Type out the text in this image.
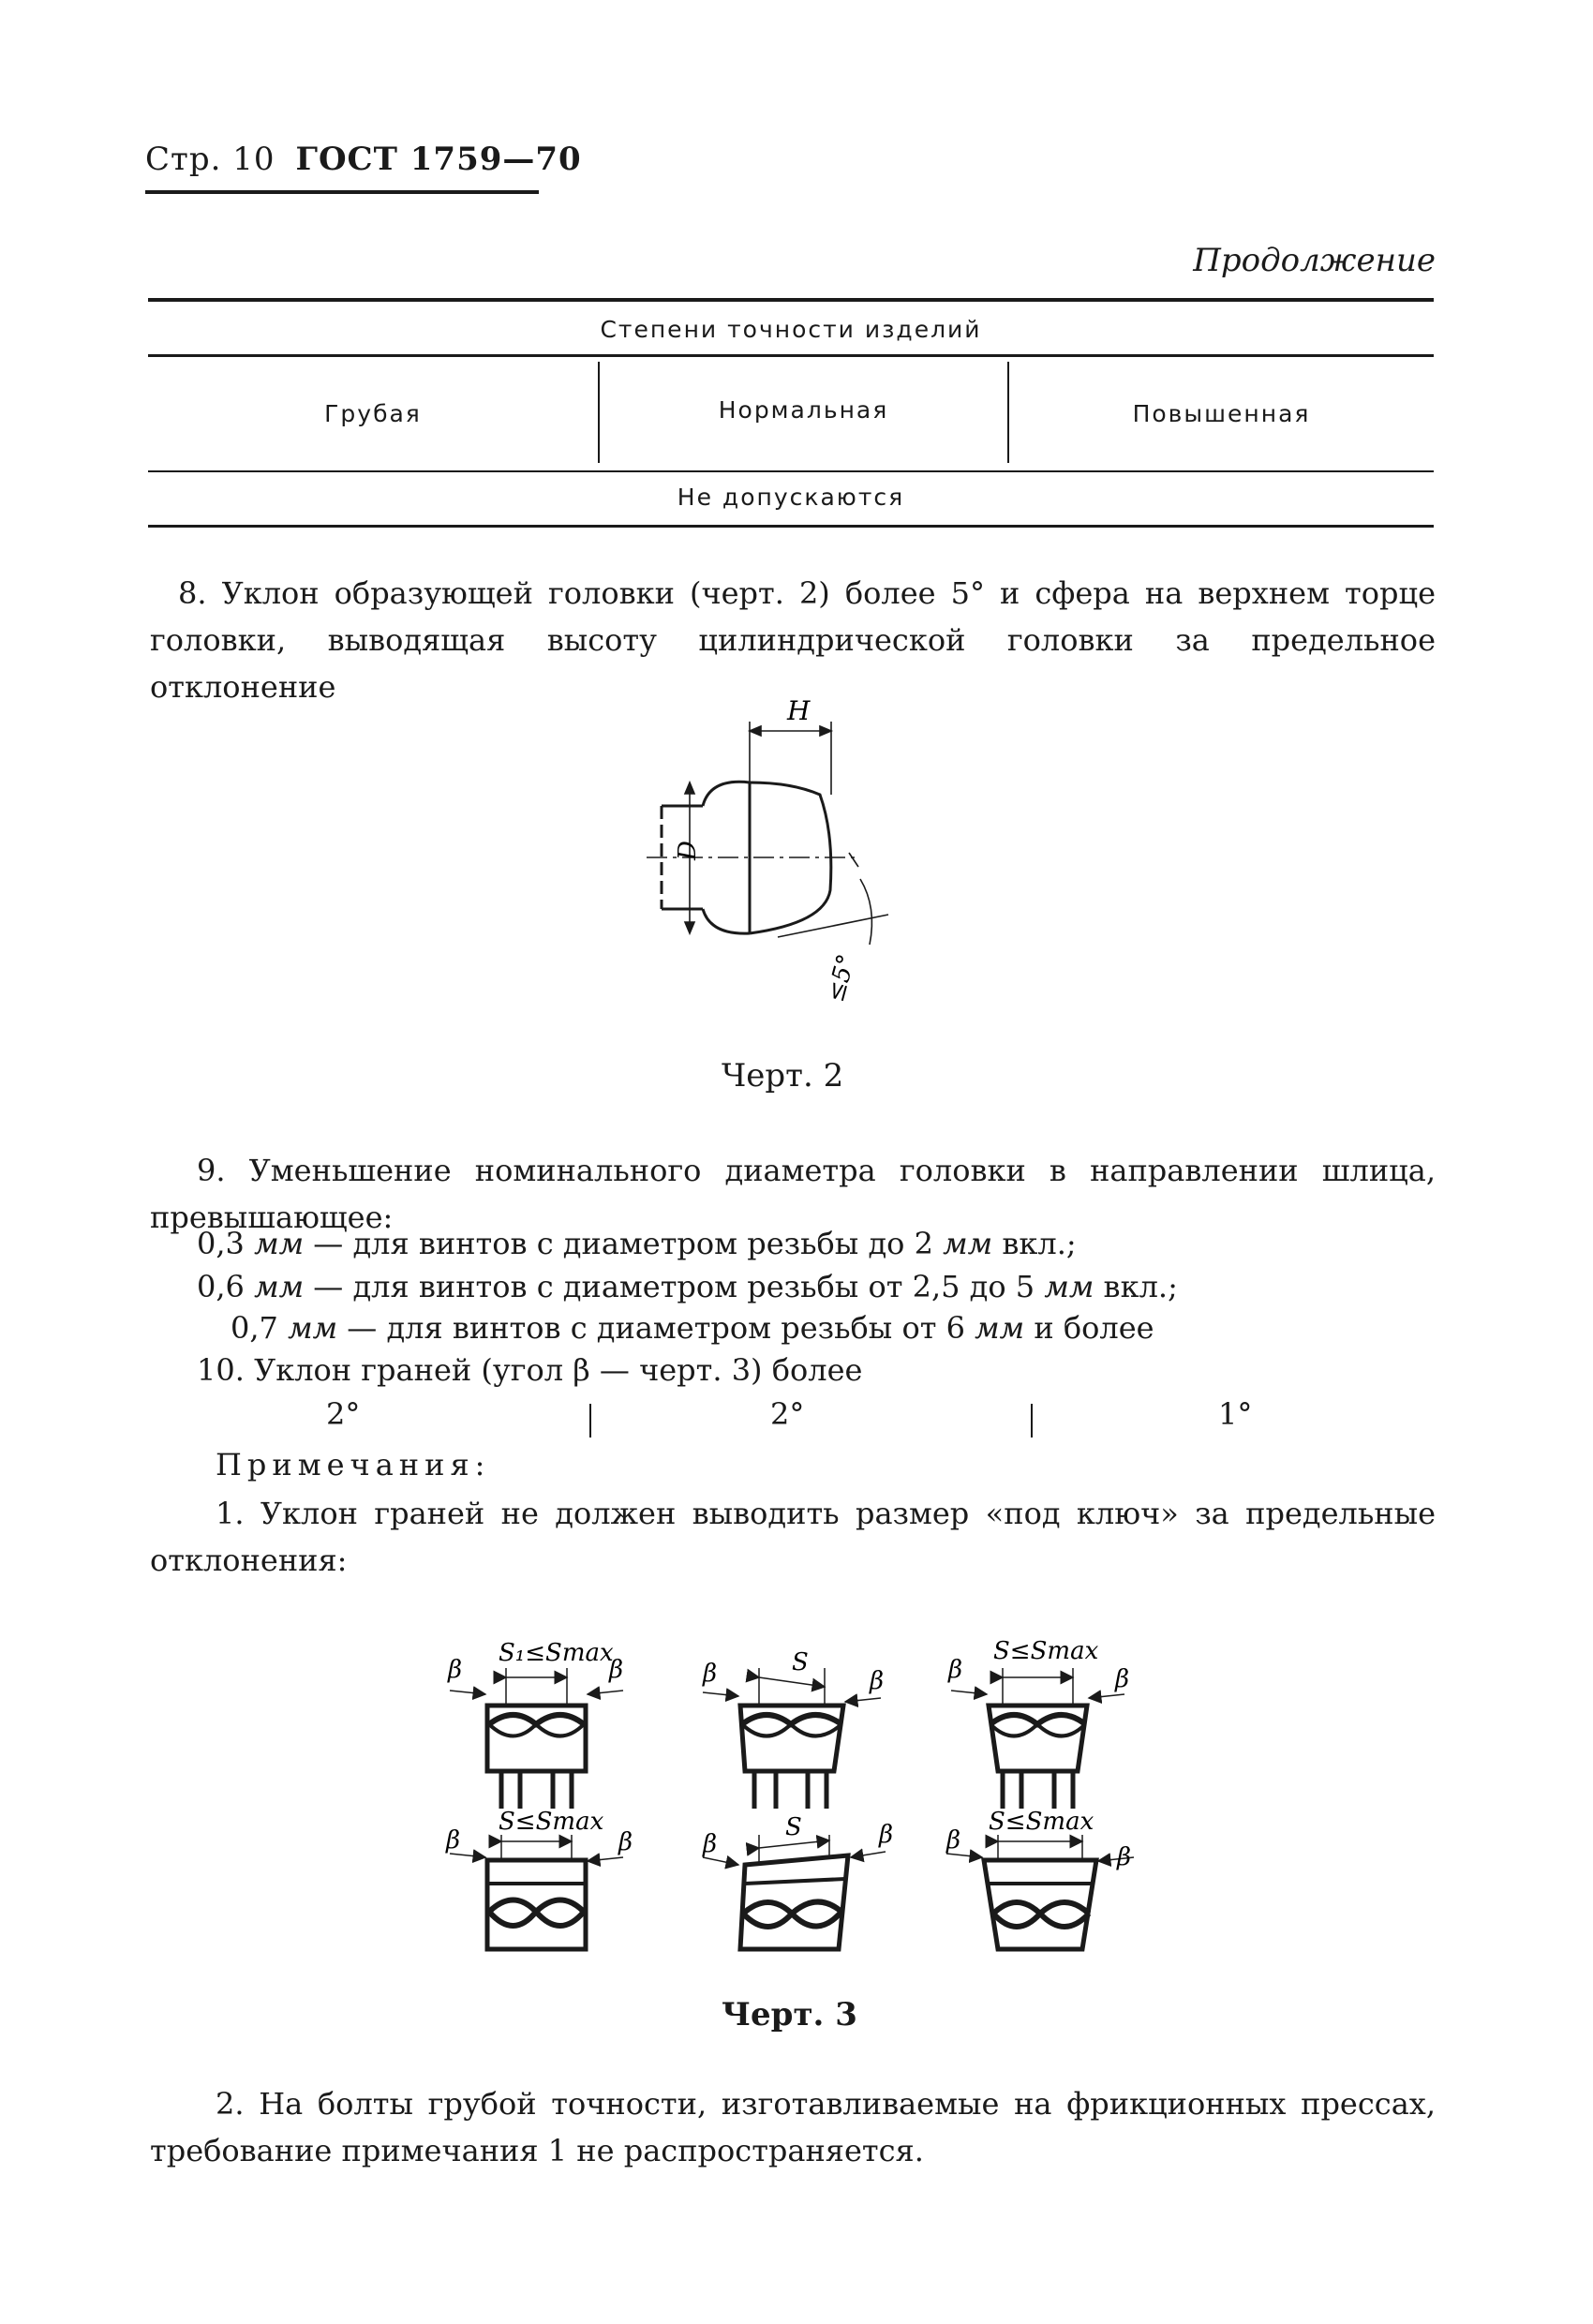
Стр. 10 ГОСТ 1759—70
Продолжение
Степени точности изделий
Грубая	Нормальная	Повышенная
Не допускаются
8. Уклон образующей головки (черт. 2) более 5° и сфера на верхнем торце головки, выводящая высоту цилиндрической головки за предельное отклонение
H
D
≤5°
Черт. 2
9. Уменьшение номинального диаметра головки в направлении шлица, превышающее:
0,3 мм — для винтов с диаметром резьбы до 2 мм вкл.;
0,6 мм — для винтов с диаметром резьбы от 2,5 до 5 мм вкл.;
0,7 мм — для винтов с диаметром резьбы от 6 мм и более
10. Уклон граней (угол β — черт. 3) более
2°	2°	1°
Примечания:
1. Уклон граней не должен выводить размер «под ключ» за предельные отклонения:
S₁≤Smax
β	β	S
β	β
S≤Smax
β	β
S≤Smax
β	β
S
β	β	S≤Smax
β
β
Черт. 3
2. На болты грубой точности, изготавливаемые на фрикционных прессах, требование примечания 1 не распространяется.
